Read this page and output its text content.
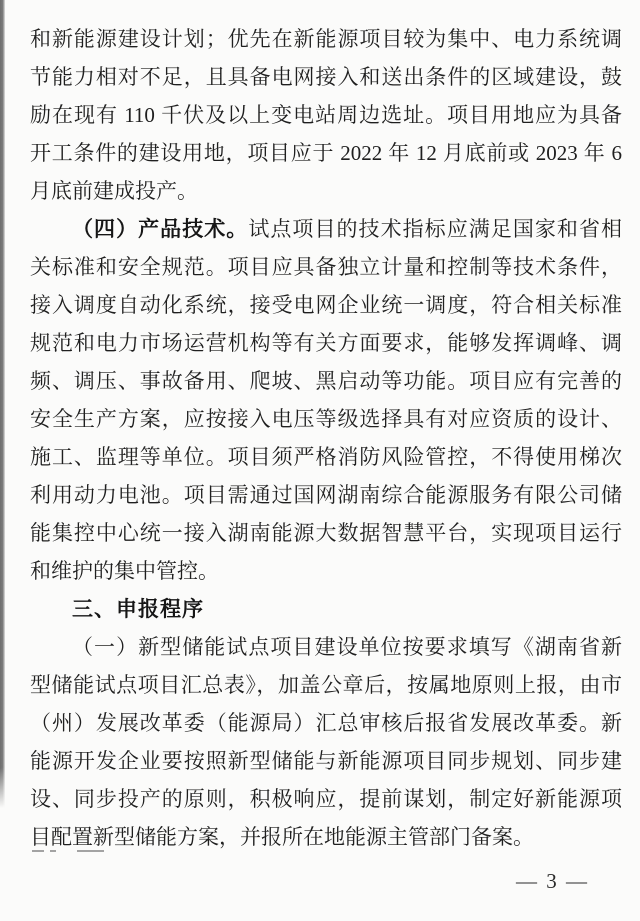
和新能源建设计划；优先在新能源项目较为集中、电力系统调
节能力相对不足，且具备电网接入和送出条件的区域建设，鼓
励在现有 110 千伏及以上变电站周边选址。项目用地应为具备
开工条件的建设用地，项目应于 2022 年 12 月底前或 2023 年 6
月底前建成投产。
（四）产品技术。试点项目的技术指标应满足国家和省相
关标准和安全规范。项目应具备独立计量和控制等技术条件，
接入调度自动化系统，接受电网企业统一调度，符合相关标准
规范和电力市场运营机构等有关方面要求，能够发挥调峰、调
频、调压、事故备用、爬坡、黑启动等功能。项目应有完善的
安全生产方案，应按接入电压等级选择具有对应资质的设计、
施工、监理等单位。项目须严格消防风险管控，不得使用梯次
利用动力电池。项目需通过国网湖南综合能源服务有限公司储
能集控中心统一接入湖南能源大数据智慧平台，实现项目运行
和维护的集中管控。
三、申报程序
（一）新型储能试点项目建设单位按要求填写《湖南省新
型储能试点项目汇总表》，加盖公章后，按属地原则上报，由市
（州）发展改革委（能源局）汇总审核后报省发展改革委。新
能源开发企业要按照新型储能与新能源项目同步规划、同步建
设、同步投产的原则，积极响应，提前谋划，制定好新能源项
目配置新型储能方案，并报所在地能源主管部门备案。
— 3 —
